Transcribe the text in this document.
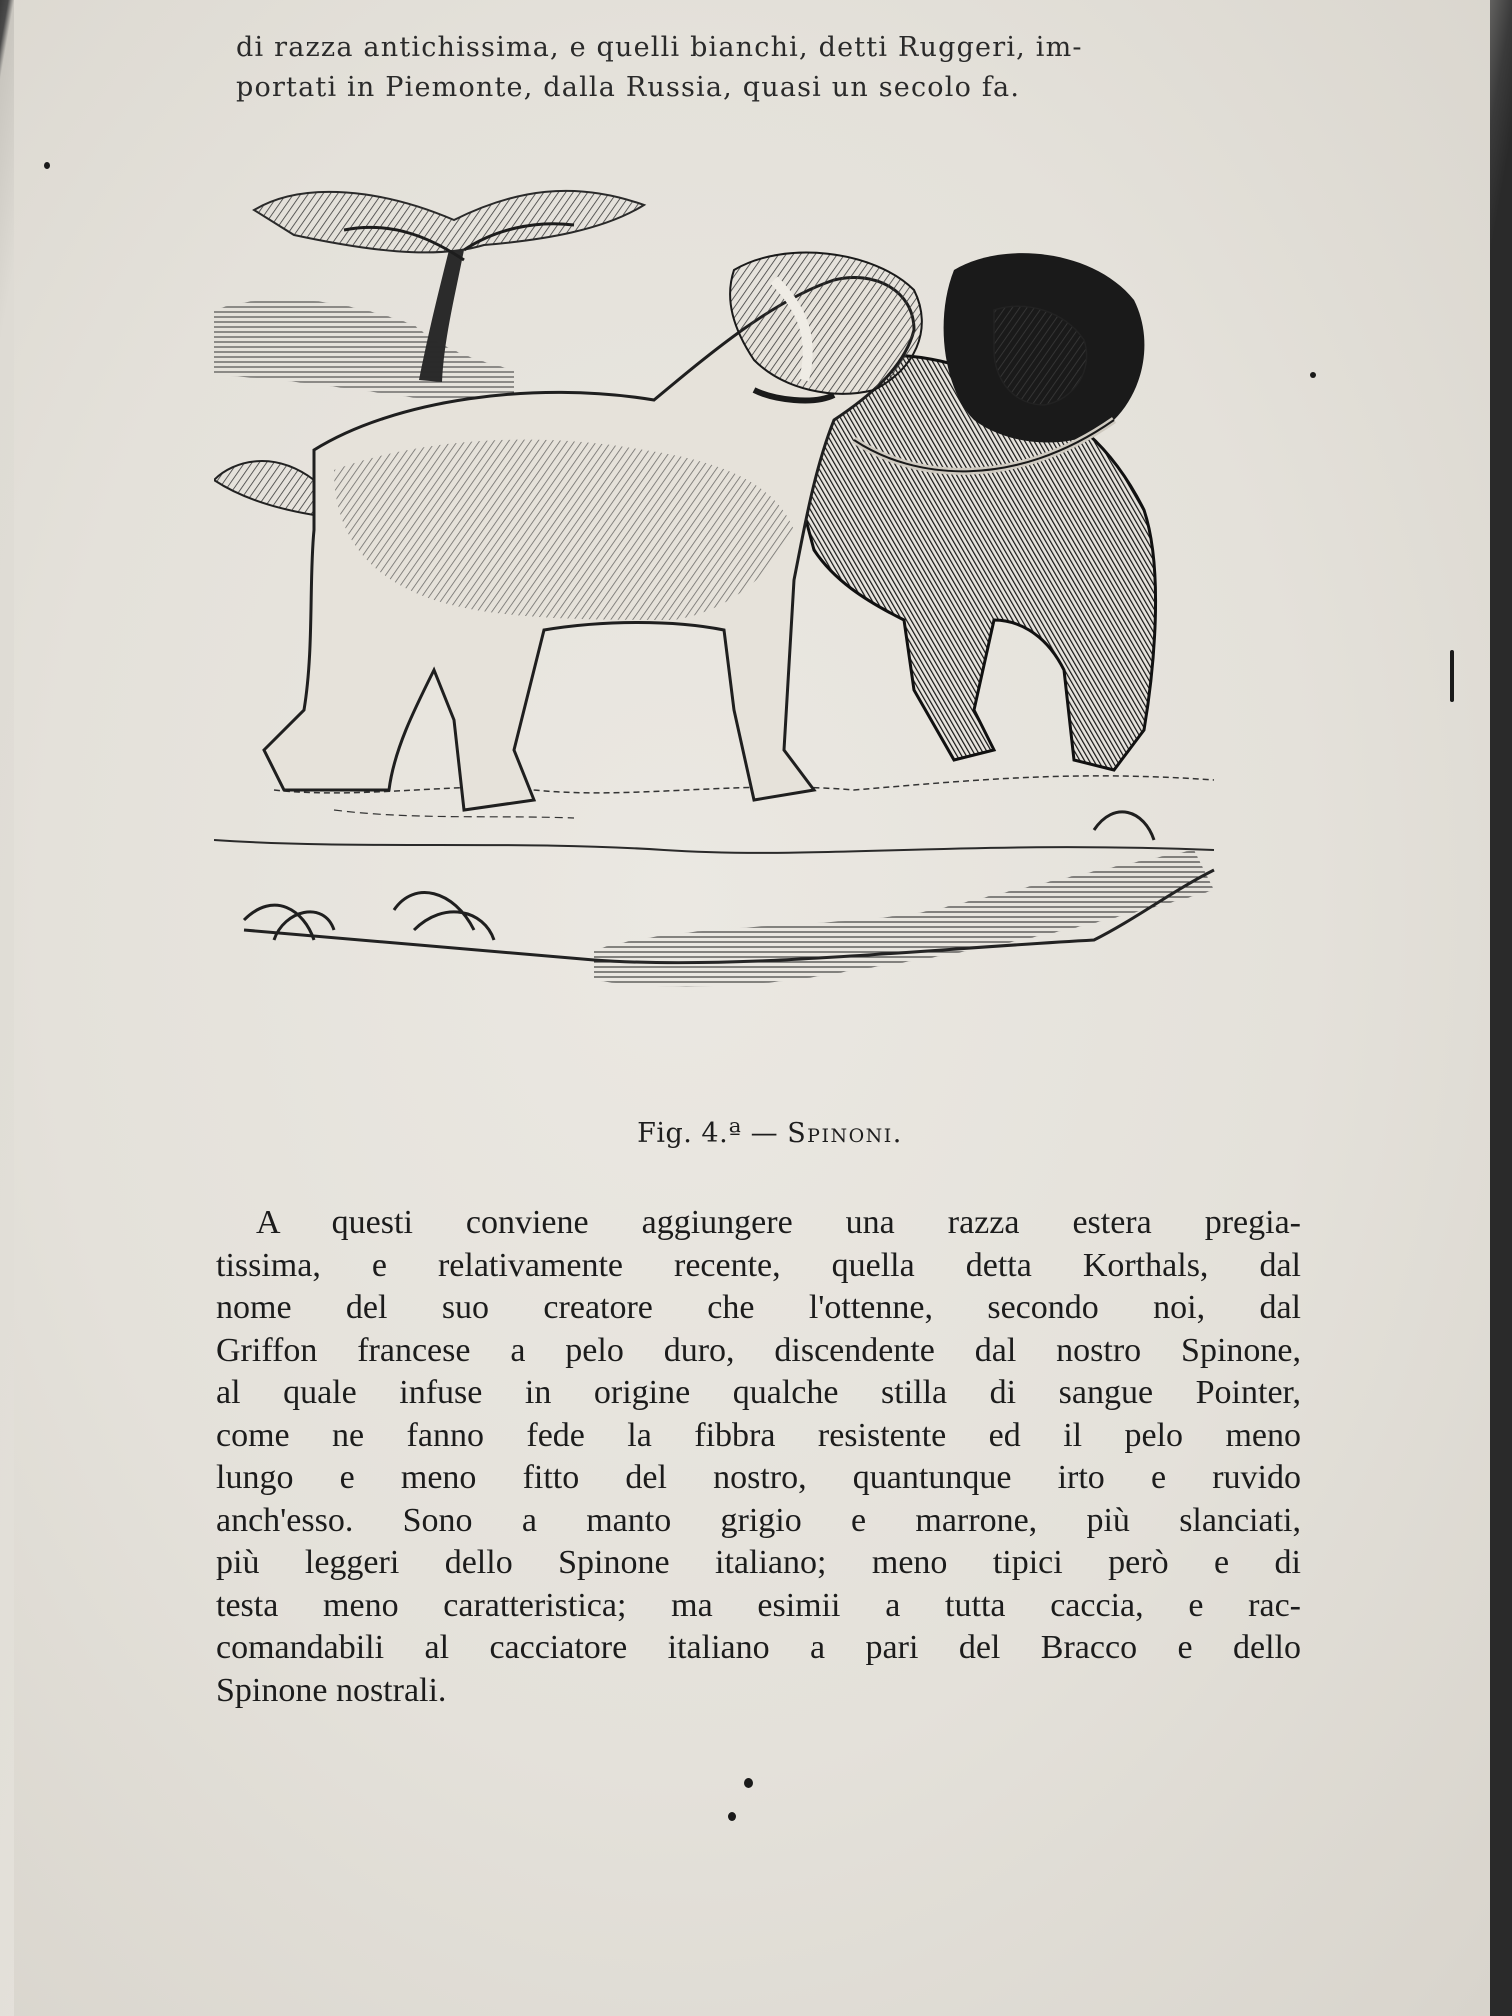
di razza antichissima, e quelli bianchi, detti Ruggeri, im-
portati in Piemonte, dalla Russia, quasi un secolo fa.
Fig. 4.ª — Spinoni.
A questi conviene aggiungere una razza estera pregia-
tissima, e relativamente recente, quella detta Korthals, dal
nome del suo creatore che l'ottenne, secondo noi, dal
Griffon francese a pelo duro, discendente dal nostro Spinone,
al quale infuse in origine qualche stilla di sangue Pointer,
come ne fanno fede la fibbra resistente ed il pelo meno
lungo e meno fitto del nostro, quantunque irto e ruvido
anch'esso. Sono a manto grigio e marrone, più slanciati,
più leggeri dello Spinone italiano; meno tipici però e di
testa meno caratteristica; ma esimii a tutta caccia, e rac-
comandabili al cacciatore italiano a pari del Bracco e dello
Spinone nostrali.
